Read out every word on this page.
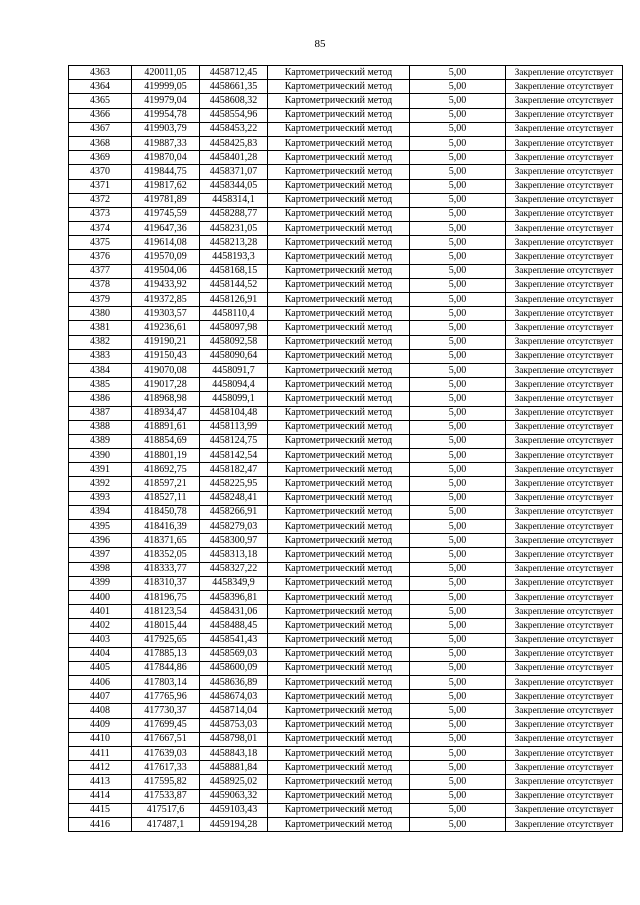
85
4363	420011,05	4458712,45	Картометрический метод	5,00	Закрепление отсутствует
4364	419999,05	4458661,35	Картометрический метод	5,00	Закрепление отсутствует
4365	419979,04	4458608,32	Картометрический метод	5,00	Закрепление отсутствует
4366	419954,78	4458554,96	Картометрический метод	5,00	Закрепление отсутствует
4367	419903,79	4458453,22	Картометрический метод	5,00	Закрепление отсутствует
4368	419887,33	4458425,83	Картометрический метод	5,00	Закрепление отсутствует
4369	419870,04	4458401,28	Картометрический метод	5,00	Закрепление отсутствует
4370	419844,75	4458371,07	Картометрический метод	5,00	Закрепление отсутствует
4371	419817,62	4458344,05	Картометрический метод	5,00	Закрепление отсутствует
4372	419781,89	4458314,1	Картометрический метод	5,00	Закрепление отсутствует
4373	419745,59	4458288,77	Картометрический метод	5,00	Закрепление отсутствует
4374	419647,36	4458231,05	Картометрический метод	5,00	Закрепление отсутствует
4375	419614,08	4458213,28	Картометрический метод	5,00	Закрепление отсутствует
4376	419570,09	4458193,3	Картометрический метод	5,00	Закрепление отсутствует
4377	419504,06	4458168,15	Картометрический метод	5,00	Закрепление отсутствует
4378	419433,92	4458144,52	Картометрический метод	5,00	Закрепление отсутствует
4379	419372,85	4458126,91	Картометрический метод	5,00	Закрепление отсутствует
4380	419303,57	4458110,4	Картометрический метод	5,00	Закрепление отсутствует
4381	419236,61	4458097,98	Картометрический метод	5,00	Закрепление отсутствует
4382	419190,21	4458092,58	Картометрический метод	5,00	Закрепление отсутствует
4383	419150,43	4458090,64	Картометрический метод	5,00	Закрепление отсутствует
4384	419070,08	4458091,7	Картометрический метод	5,00	Закрепление отсутствует
4385	419017,28	4458094,4	Картометрический метод	5,00	Закрепление отсутствует
4386	418968,98	4458099,1	Картометрический метод	5,00	Закрепление отсутствует
4387	418934,47	4458104,48	Картометрический метод	5,00	Закрепление отсутствует
4388	418891,61	4458113,99	Картометрический метод	5,00	Закрепление отсутствует
4389	418854,69	4458124,75	Картометрический метод	5,00	Закрепление отсутствует
4390	418801,19	4458142,54	Картометрический метод	5,00	Закрепление отсутствует
4391	418692,75	4458182,47	Картометрический метод	5,00	Закрепление отсутствует
4392	418597,21	4458225,95	Картометрический метод	5,00	Закрепление отсутствует
4393	418527,11	4458248,41	Картометрический метод	5,00	Закрепление отсутствует
4394	418450,78	4458266,91	Картометрический метод	5,00	Закрепление отсутствует
4395	418416,39	4458279,03	Картометрический метод	5,00	Закрепление отсутствует
4396	418371,65	4458300,97	Картометрический метод	5,00	Закрепление отсутствует
4397	418352,05	4458313,18	Картометрический метод	5,00	Закрепление отсутствует
4398	418333,77	4458327,22	Картометрический метод	5,00	Закрепление отсутствует
4399	418310,37	4458349,9	Картометрический метод	5,00	Закрепление отсутствует
4400	418196,75	4458396,81	Картометрический метод	5,00	Закрепление отсутствует
4401	418123,54	4458431,06	Картометрический метод	5,00	Закрепление отсутствует
4402	418015,44	4458488,45	Картометрический метод	5,00	Закрепление отсутствует
4403	417925,65	4458541,43	Картометрический метод	5,00	Закрепление отсутствует
4404	417885,13	4458569,03	Картометрический метод	5,00	Закрепление отсутствует
4405	417844,86	4458600,09	Картометрический метод	5,00	Закрепление отсутствует
4406	417803,14	4458636,89	Картометрический метод	5,00	Закрепление отсутствует
4407	417765,96	4458674,03	Картометрический метод	5,00	Закрепление отсутствует
4408	417730,37	4458714,04	Картометрический метод	5,00	Закрепление отсутствует
4409	417699,45	4458753,03	Картометрический метод	5,00	Закрепление отсутствует
4410	417667,51	4458798,01	Картометрический метод	5,00	Закрепление отсутствует
4411	417639,03	4458843,18	Картометрический метод	5,00	Закрепление отсутствует
4412	417617,33	4458881,84	Картометрический метод	5,00	Закрепление отсутствует
4413	417595,82	4458925,02	Картометрический метод	5,00	Закрепление отсутствует
4414	417533,87	4459063,32	Картометрический метод	5,00	Закрепление отсутствует
4415	417517,6	4459103,43	Картометрический метод	5,00	Закрепление отсутствует
4416	417487,1	4459194,28	Картометрический метод	5,00	Закрепление отсутствует
